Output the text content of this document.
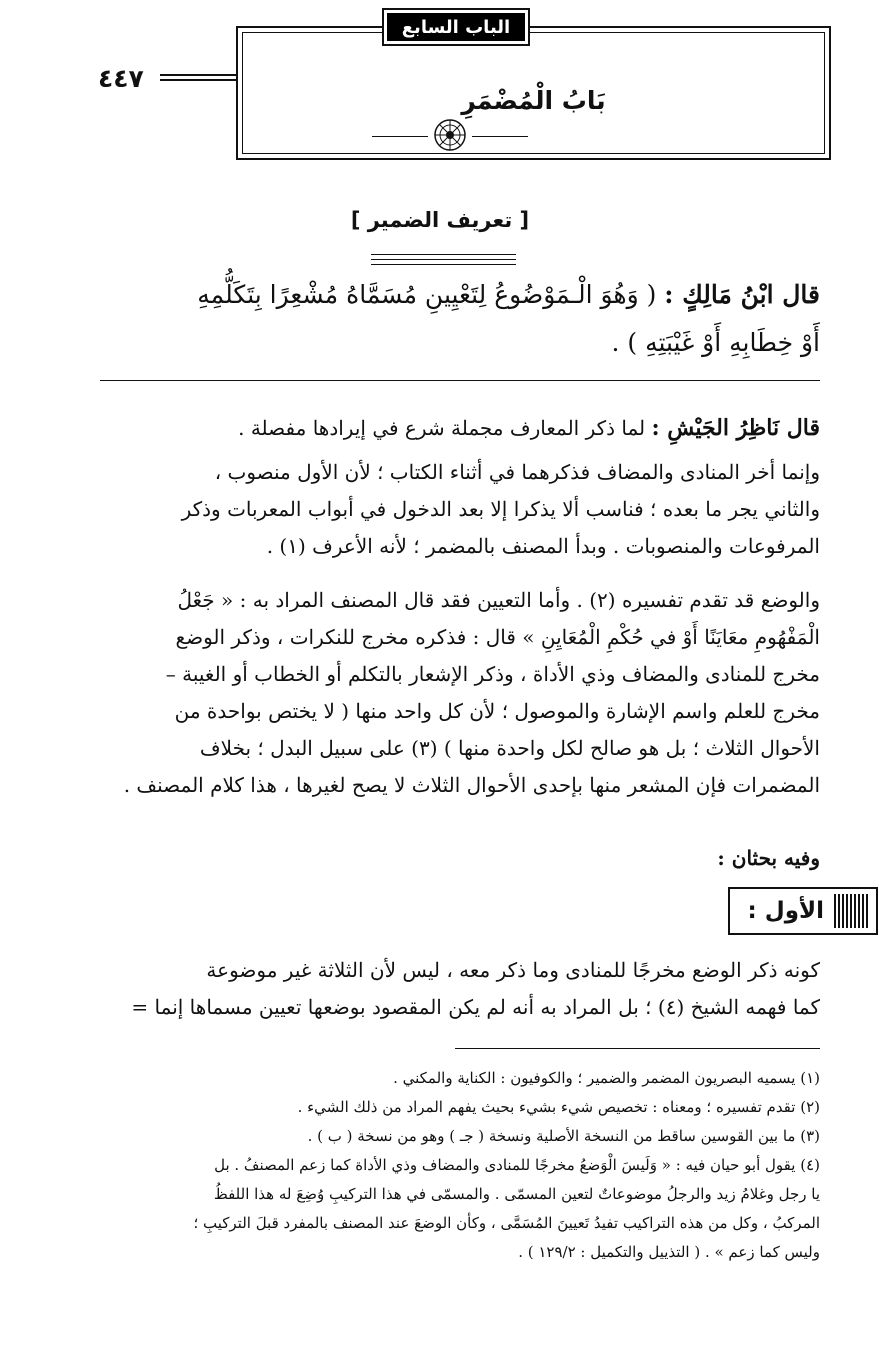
الباب السابع
٤٤٧
بَابُ الْمُضْمَرِ
[ تعريف الضمير ]
قال ابْنُ مَالِكٍ : ( وَهُوَ الْـمَوْضُوعُ لِتَعْيِينِ مُسَمَّاهُ مُشْعِرًا بِتَكَلُّمِهِ
أَوْ خِطَابِهِ أَوْ غَيْبَتِهِ ) .
قال نَاظِرُ الجَيْشِ : لما ذكر المعارف مجملة شرع في إيرادها مفصلة .
وإنما أخر المنادى والمضاف فذكرهما في أثناء الكتاب ؛ لأن الأول منصوب ،
والثاني يجر ما بعده ؛ فناسب ألا يذكرا إلا بعد الدخول في أبواب المعربات وذكر
المرفوعات والمنصوبات . وبدأ المصنف بالمضمر ؛ لأنه الأعرف (١) .
والوضع قد تقدم تفسيره (٢) . وأما التعيين فقد قال المصنف المراد به : « جَعْلُ
الْمَفْهُومِ معَايَنًا أَوْ في حُكْمِ الْمُعَايِنِ » قال : فذكره مخرج للنكرات ، وذكر الوضع
مخرج للمنادى والمضاف وذي الأداة ، وذكر الإشعار بالتكلم أو الخطاب أو الغيبة –
مخرج للعلم واسم الإشارة والموصول ؛ لأن كل واحد منها ( لا يختص بواحدة من
الأحوال الثلاث ؛ بل هو صالح لكل واحدة منها ) (٣) على سبيل البدل ؛ بخلاف
المضمرات فإن المشعر منها بإحدى الأحوال الثلاث لا يصح لغيرها ، هذا كلام المصنف .
وفيه بحثان :
الأول :
كونه ذكر الوضع مخرجًا للمنادى وما ذكر معه ، ليس لأن الثلاثة غير موضوعة
كما فهمه الشيخ (٤) ؛ بل المراد به أنه لم يكن المقصود بوضعها تعيين مسماها إنما =

(١) يسميه البصريون المضمر والضمير ؛ والكوفيون : الكناية والمكني .

(٢) تقدم تفسيره ؛ ومعناه : تخصيص شيء بشيء بحيث يفهم المراد من ذلك الشيء .

(٣) ما بين القوسين ساقط من النسخة الأصلية ونسخة ( جـ ) وهو من نسخة ( ب ) .

(٤) يقول أبو حيان فيه : « وَلَيسَ الْوَضعُ مخرجًا للمنادى والمضاف وذي الأداة كما زعم المصنفُ . بل

يا رجل وغلامُ زيد والرجلُ موضوعاتٌ لتعين المسمّى . والمسمّى في هذا التركيبِ وُضِعَ له هذا اللفظُ

المركبُ ، وكل من هذه التراكيب تفيدُ تَعيينَ المُسَمَّى ، وكأن الوضعَ عند المصنف بالمفرد قبلَ التركيبِ ؛

وليس كما زعم » . ( التذييل والتكميل : ١٢٩/٢ ) .
